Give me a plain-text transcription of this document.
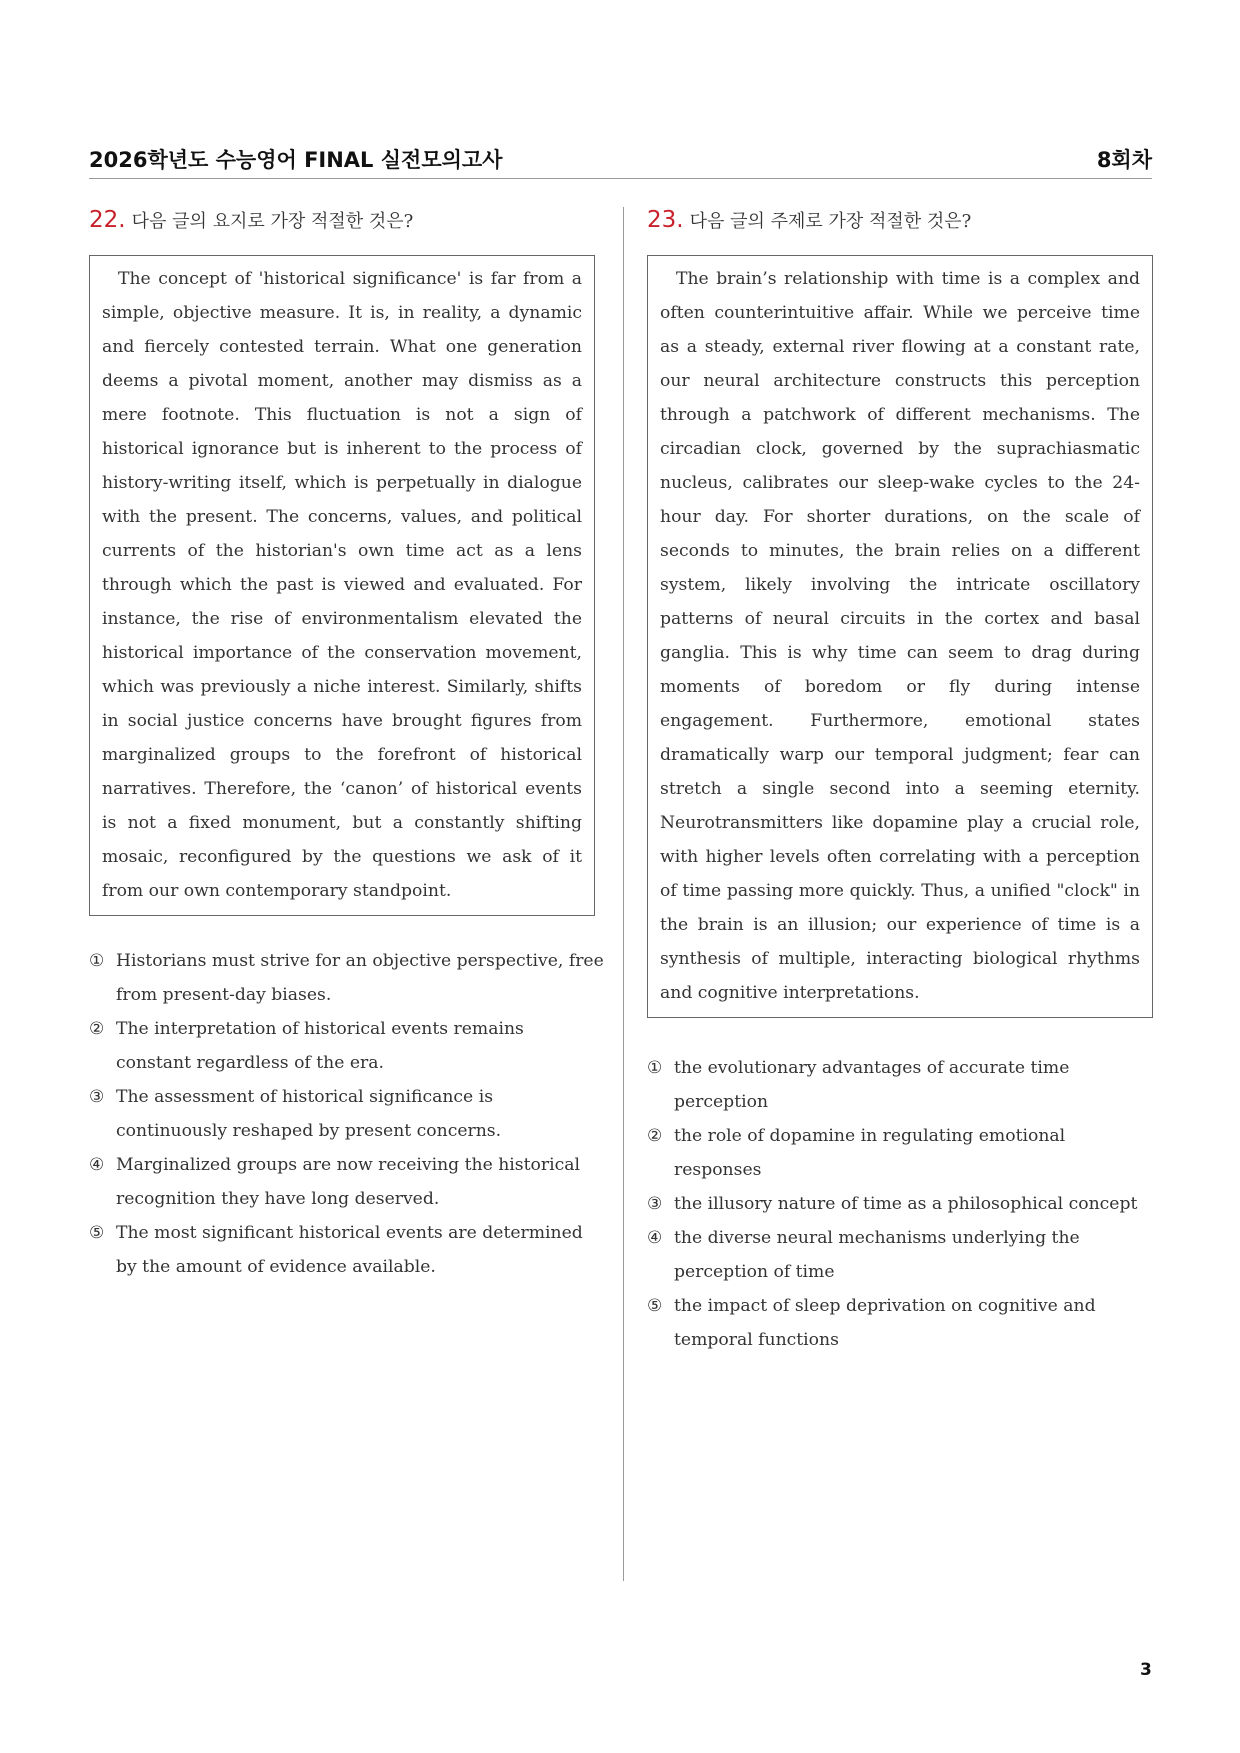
2026학년도 수능영어 FINAL 실전모의고사	8회차
22. 다음 글의 요지로 가장 적절한 것은?
The concept of 'historical significance' is far from a simple, objective measure. It is, in reality, a dynamic and fiercely contested terrain. What one generation deems a pivotal moment, another may dismiss as a mere footnote. This fluctuation is not a sign of historical ignorance but is inherent to the process of history-writing itself, which is perpetually in dialogue with the present. The concerns, values, and political currents of the historian's own time act as a lens through which the past is viewed and evaluated. For instance, the rise of environmentalism elevated the historical importance of the conservation movement, which was previously a niche interest. Similarly, shifts in social justice concerns have brought figures from marginalized groups to the forefront of historical narratives. Therefore, the ‘canon’ of historical events is not a fixed monument, but a constantly shifting mosaic, reconfigured by the questions we ask of it from our own contemporary standpoint.
① Historians must strive for an objective perspective, free from present-day biases.
② The interpretation of historical events remains constant regardless of the era.
③ The assessment of historical significance is continuously reshaped by present concerns.
④ Marginalized groups are now receiving the historical recognition they have long deserved.
⑤ The most significant historical events are determined by the amount of evidence available.
23. 다음 글의 주제로 가장 적절한 것은?
The brain’s relationship with time is a complex and often counterintuitive affair. While we perceive time as a steady, external river flowing at a constant rate, our neural architecture constructs this perception through a patchwork of different mechanisms. The circadian clock, governed by the suprachiasmatic nucleus, calibrates our sleep-wake cycles to the 24-hour day. For shorter durations, on the scale of seconds to minutes, the brain relies on a different system, likely involving the intricate oscillatory patterns of neural circuits in the cortex and basal ganglia. This is why time can seem to drag during moments of boredom or fly during intense engagement. Furthermore, emotional states dramatically warp our temporal judgment; fear can stretch a single second into a seeming eternity. Neurotransmitters like dopamine play a crucial role, with higher levels often correlating with a perception of time passing more quickly. Thus, a unified "clock" in the brain is an illusion; our experience of time is a synthesis of multiple, interacting biological rhythms and cognitive interpretations.
① the evolutionary advantages of accurate time perception
② the role of dopamine in regulating emotional responses
③ the illusory nature of time as a philosophical concept
④ the diverse neural mechanisms underlying the perception of time
⑤ the impact of sleep deprivation on cognitive and temporal functions
3
